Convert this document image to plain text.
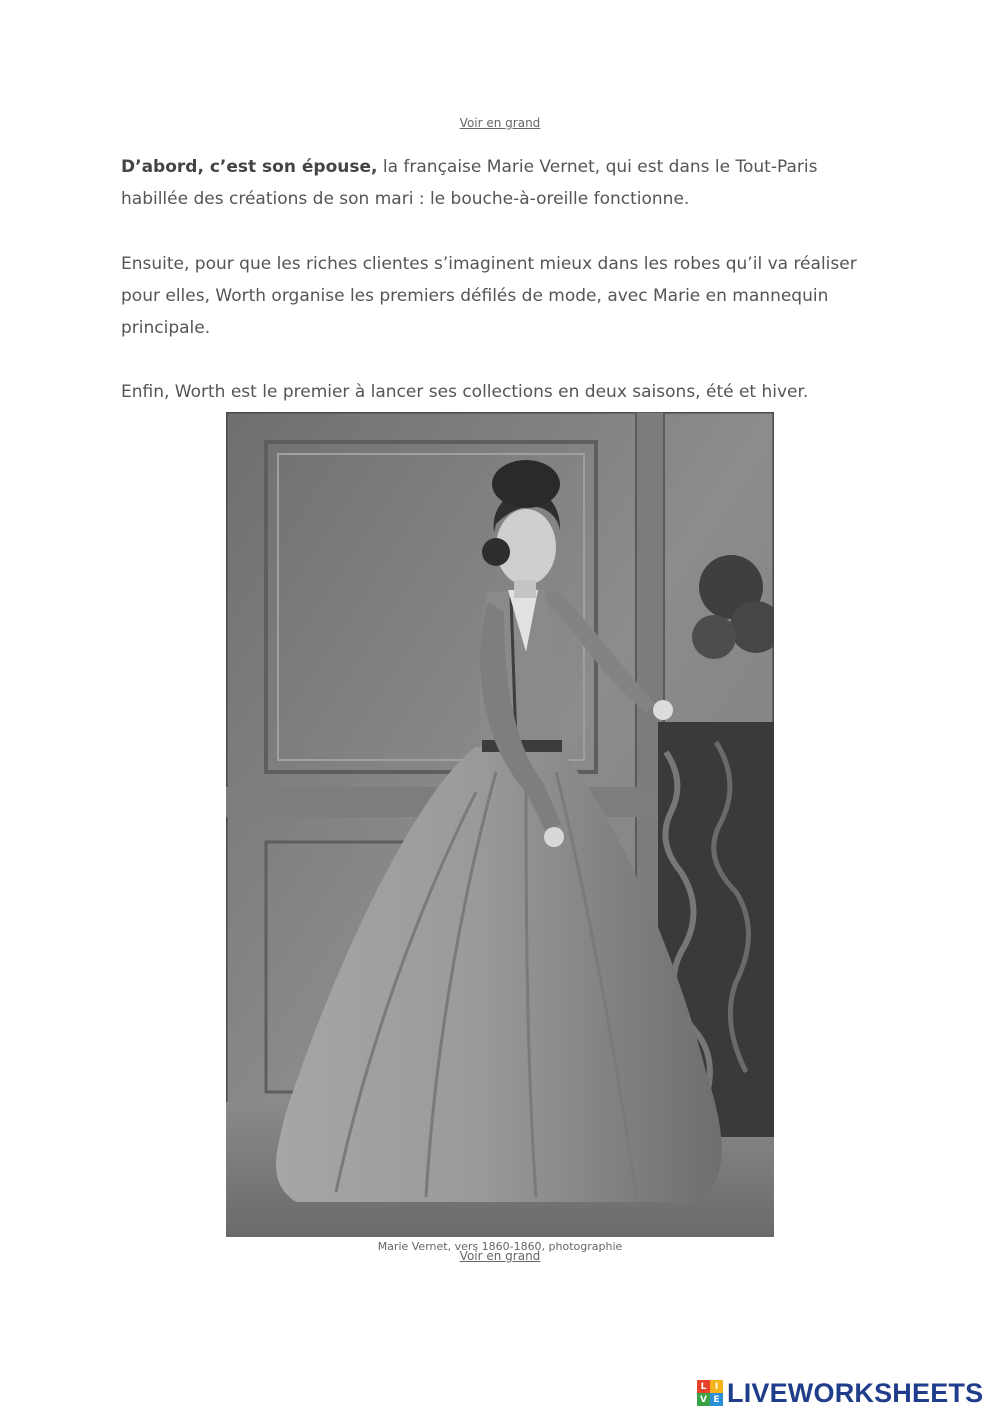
Voir en grand

D’abord, c’est son épouse, la française Marie Vernet, qui est dans le Tout-Paris habillée des créations de son mari : le bouche-à-oreille fonctionne.

Ensuite, pour que les riches clientes s’imaginent mieux dans les robes qu’il va réaliser pour elles, Worth organise les premiers défilés de mode, avec Marie en mannequin principale.

Enfin, Worth est le premier à lancer ses collections en deux saisons, été et hiver.

Marie Vernet, vers 1860-1860, photographie
Voir en grand
L I
V E LIVEWORKSHEETS
